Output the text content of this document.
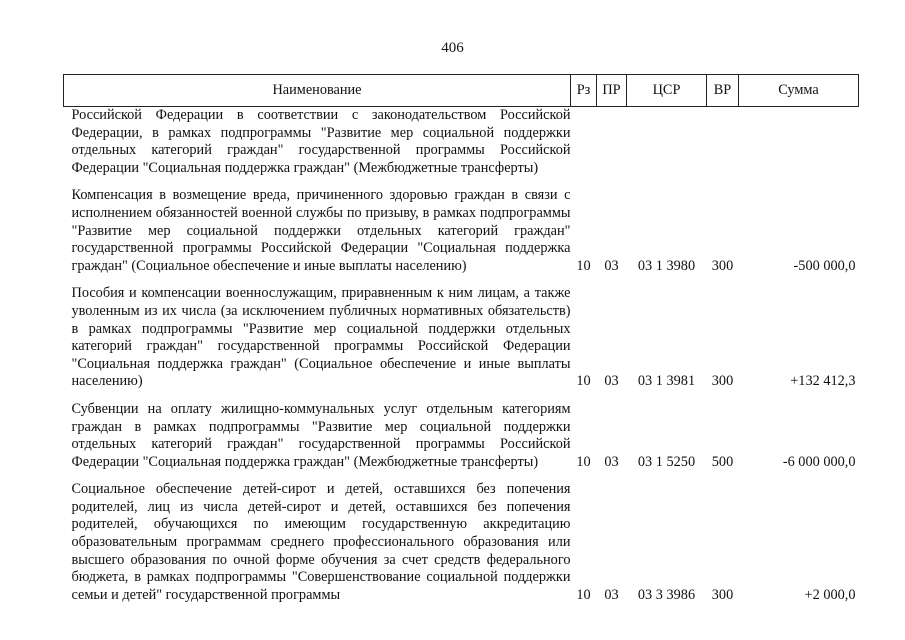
406
Наименование	Рз	ПР	ЦСР	ВР	Сумма

Российской Федерации в соответствии с законодательством Российской Федерации, в рамках подпрограммы "Развитие мер социальной поддержки отдельных категорий граждан" государственной программы Российской Федерации "Социальная поддержка граждан" (Межбюджетные трансферты)					

Компенсация в возмещение вреда, причиненного здоровью граждан в связи с исполнением обязанностей военной службы по призыву, в рамках подпрограммы "Развитие мер социальной поддержки отдельных категорий граждан" государственной программы Российской Федерации "Социальная поддержка граждан" (Социальное обеспечение и иные выплаты населению)	10	03	03 1 3980	300	-500 000,0

Пособия и компенсации военнослужащим, приравненным к ним лицам, а также уволенным из их числа (за исключением публичных нормативных обязательств) в рамках подпрограммы "Развитие мер социальной поддержки отдельных категорий граждан" государственной программы Российской Федерации "Социальная поддержка граждан" (Социальное обеспечение и иные выплаты населению)	10	03	03 1 3981	300	+132 412,3

Субвенции на оплату жилищно-коммунальных услуг отдельным категориям граждан в рамках подпрограммы "Развитие мер социальной поддержки отдельных категорий граждан" государственной программы Российской Федерации "Социальная поддержка граждан" (Межбюджетные трансферты)	10	03	03 1 5250	500	-6 000 000,0

Социальное обеспечение детей-сирот и детей, оставшихся без попечения родителей, лиц из числа детей-сирот и детей, оставшихся без попечения родителей, обучающихся по имеющим государственную аккредитацию образовательным программам среднего профессионального образования или высшего образования по очной форме обучения за счет средств федерального бюджета, в рамках подпрограммы "Совершенствование социальной поддержки семьи и детей" государственной программы	10	03	03 3 3986	300	+2 000,0
